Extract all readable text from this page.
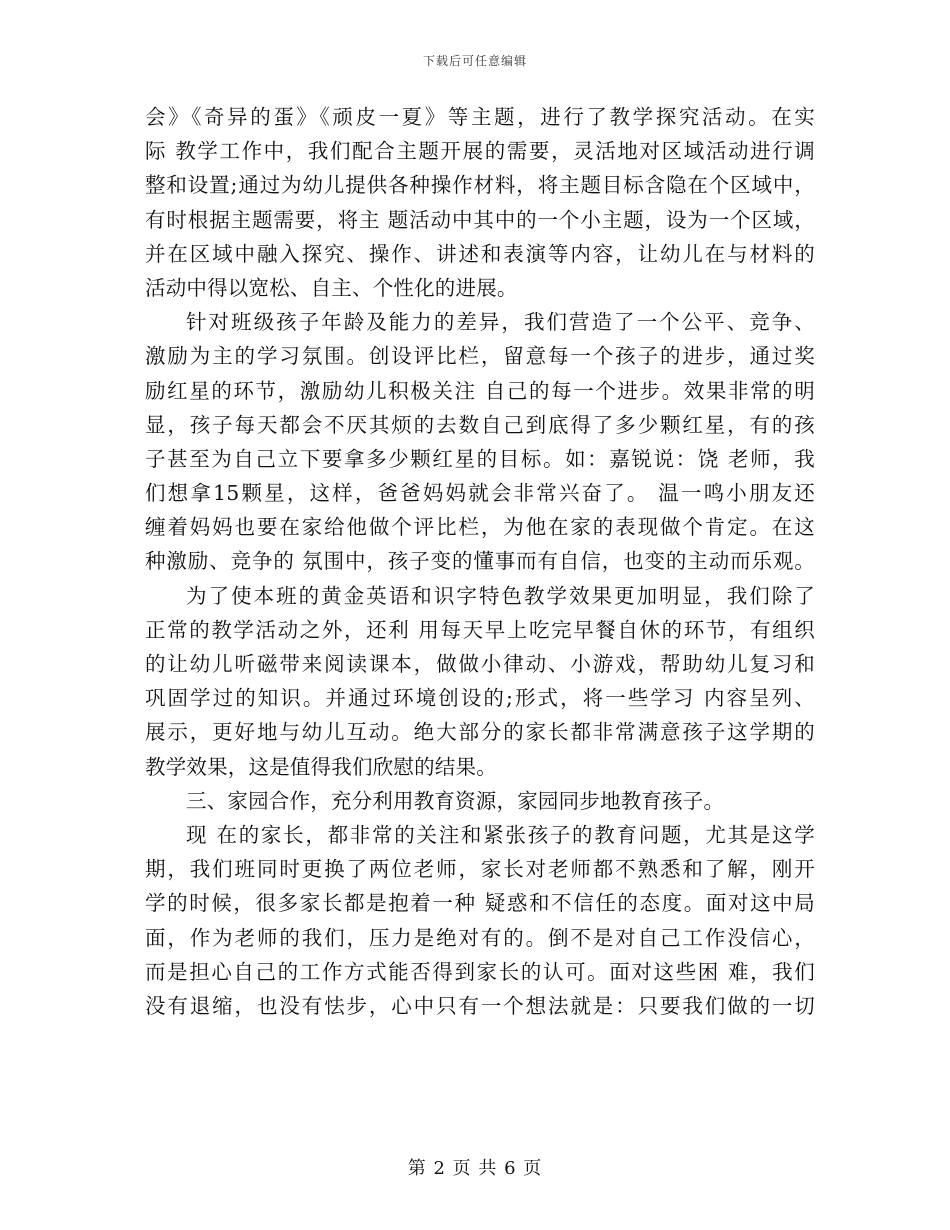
下载后可任意编辑
会》《奇异的蛋》《顽皮一夏》等主题，进行了教学探究活动。在实
际 教学工作中，我们配合主题开展的需要，灵活地对区域活动进行调
整和设置;通过为幼儿提供各种操作材料，将主题目标含隐在个区域中，
有时根据主题需要，将主 题活动中其中的一个小主题，设为一个区域，
并在区域中融入探究、操作、讲述和表演等内容，让幼儿在与材料的
活动中得以宽松、自主、个性化的进展。
针对班级孩子年龄及能力的差异，我们营造了一个公平、竞争、
激励为主的学习氛围。创设评比栏，留意每一个孩子的进步，通过奖
励红星的环节，激励幼儿积极关注 自己的每一个进步。效果非常的明
显，孩子每天都会不厌其烦的去数自己到底得了多少颗红星，有的孩
子甚至为自己立下要拿多少颗红星的目标。如：嘉锐说：饶 老师，我
们想拿15颗星，这样，爸爸妈妈就会非常兴奋了。 温一鸣小朋友还
缠着妈妈也要在家给他做个评比栏，为他在家的表现做个肯定。在这
种激励、竞争的 氛围中，孩子变的懂事而有自信，也变的主动而乐观。
为了使本班的黄金英语和识字特色教学效果更加明显，我们除了
正常的教学活动之外，还利 用每天早上吃完早餐自休的环节，有组织
的让幼儿听磁带来阅读课本，做做小律动、小游戏，帮助幼儿复习和
巩固学过的知识。并通过环境创设的;形式，将一些学习 内容呈列、
展示，更好地与幼儿互动。绝大部分的家长都非常满意孩子这学期的
教学效果，这是值得我们欣慰的结果。
三、家园合作，充分利用教育资源，家园同步地教育孩子。
现 在的家长，都非常的关注和紧张孩子的教育问题，尤其是这学
期，我们班同时更换了两位老师，家长对老师都不熟悉和了解，刚开
学的时候，很多家长都是抱着一种 疑惑和不信任的态度。面对这中局
面，作为老师的我们，压力是绝对有的。倒不是对自己工作没信心，
而是担心自己的工作方式能否得到家长的认可。面对这些困 难，我们
没有退缩，也没有怯步，心中只有一个想法就是：只要我们做的一切
第 2 页 共 6 页
